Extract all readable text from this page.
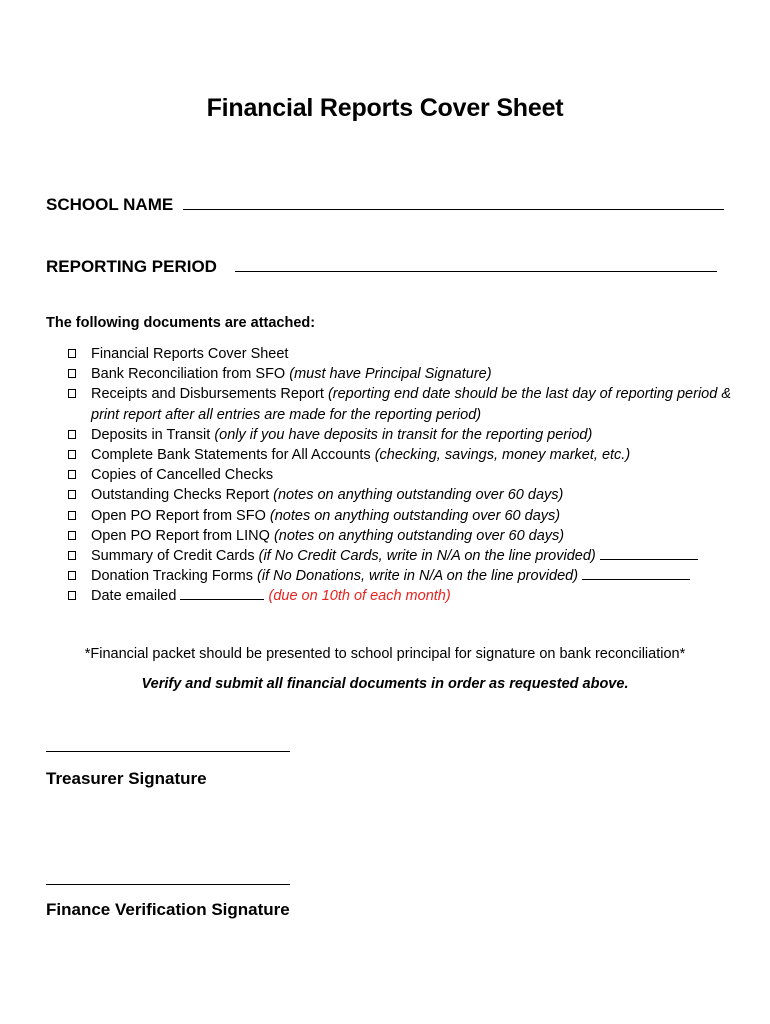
Financial Reports Cover Sheet
SCHOOL NAME
REPORTING PERIOD
The following documents are attached:
Financial Reports Cover Sheet
Bank Reconciliation from SFO (must have Principal Signature)
Receipts and Disbursements Report (reporting end date should be the last day of reporting period & print report after all entries are made for the reporting period)
Deposits in Transit (only if you have deposits in transit for the reporting period)
Complete Bank Statements for All Accounts (checking, savings, money market, etc.)
Copies of Cancelled Checks
Outstanding Checks Report (notes on anything outstanding over 60 days)
Open PO Report from SFO (notes on anything outstanding over 60 days)
Open PO Report from LINQ (notes on anything outstanding over 60 days)
Summary of Credit Cards (if No Credit Cards, write in N/A on the line provided)
Donation Tracking Forms (if No Donations, write in N/A on the line provided)
Date emailed	(due on 10th of each month)
*Financial packet should be presented to school principal for signature on bank reconciliation*
Verify and submit all financial documents in order as requested above.
Treasurer Signature
Finance Verification Signature
